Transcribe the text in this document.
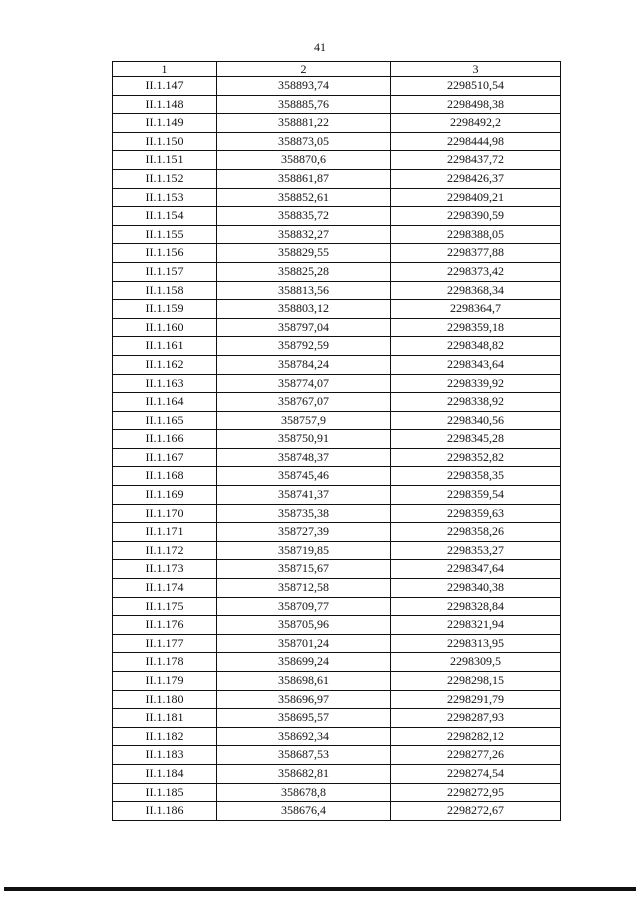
41
1	2	3
II.1.147	358893,74	2298510,54
II.1.148	358885,76	2298498,38
II.1.149	358881,22	2298492,2
II.1.150	358873,05	2298444,98
II.1.151	358870,6	2298437,72
II.1.152	358861,87	2298426,37
II.1.153	358852,61	2298409,21
II.1.154	358835,72	2298390,59
II.1.155	358832,27	2298388,05
II.1.156	358829,55	2298377,88
II.1.157	358825,28	2298373,42
II.1.158	358813,56	2298368,34
II.1.159	358803,12	2298364,7
II.1.160	358797,04	2298359,18
II.1.161	358792,59	2298348,82
II.1.162	358784,24	2298343,64
II.1.163	358774,07	2298339,92
II.1.164	358767,07	2298338,92
II.1.165	358757,9	2298340,56
II.1.166	358750,91	2298345,28
II.1.167	358748,37	2298352,82
II.1.168	358745,46	2298358,35
II.1.169	358741,37	2298359,54
II.1.170	358735,38	2298359,63
II.1.171	358727,39	2298358,26
II.1.172	358719,85	2298353,27
II.1.173	358715,67	2298347,64
II.1.174	358712,58	2298340,38
II.1.175	358709,77	2298328,84
II.1.176	358705,96	2298321,94
II.1.177	358701,24	2298313,95
II.1.178	358699,24	2298309,5
II.1.179	358698,61	2298298,15
II.1.180	358696,97	2298291,79
II.1.181	358695,57	2298287,93
II.1.182	358692,34	2298282,12
II.1.183	358687,53	2298277,26
II.1.184	358682,81	2298274,54
II.1.185	358678,8	2298272,95
II.1.186	358676,4	2298272,67
